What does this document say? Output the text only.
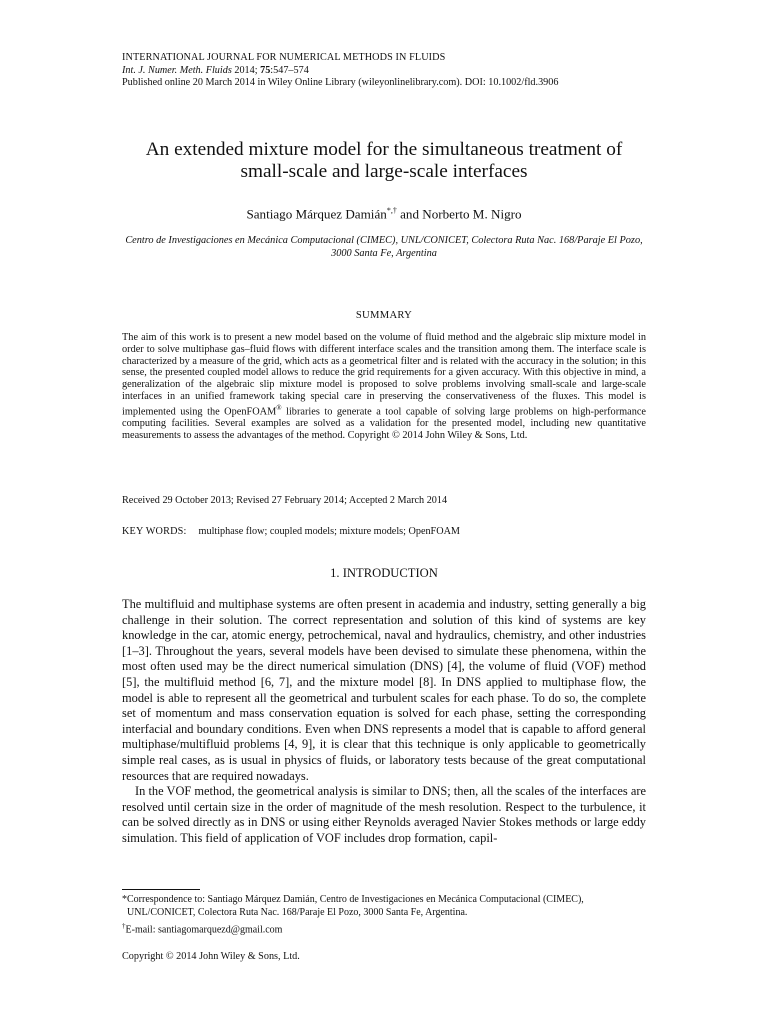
INTERNATIONAL JOURNAL FOR NUMERICAL METHODS IN FLUIDS
Int. J. Numer. Meth. Fluids 2014; 75:547–574
Published online 20 March 2014 in Wiley Online Library (wileyonlinelibrary.com). DOI: 10.1002/fld.3906
An extended mixture model for the simultaneous treatment of
small-scale and large-scale interfaces
Santiago Márquez Damián*,† and Norberto M. Nigro
Centro de Investigaciones en Mecánica Computacional (CIMEC), UNL/CONICET, Colectora Ruta Nac. 168/Paraje El Pozo, 3000 Santa Fe, Argentina
SUMMARY
The aim of this work is to present a new model based on the volume of fluid method and the algebraic slip mixture model in order to solve multiphase gas–fluid flows with different interface scales and the transition among them. The interface scale is characterized by a measure of the grid, which acts as a geometrical filter and is related with the accuracy in the solution; in this sense, the presented coupled model allows to reduce the grid requirements for a given accuracy. With this objective in mind, a generalization of the algebraic slip mixture model is proposed to solve problems involving small-scale and large-scale interfaces in an unified framework taking special care in preserving the conservativeness of the fluxes. This model is implemented using the OpenFOAM® libraries to generate a tool capable of solving large problems on high-performance computing facilities. Several examples are solved as a validation for the presented model, including new quantitative measurements to assess the advantages of the method. Copyright © 2014 John Wiley & Sons, Ltd.
Received 29 October 2013; Revised 27 February 2014; Accepted 2 March 2014
KEY WORDS: multiphase flow; coupled models; mixture models; OpenFOAM
1. INTRODUCTION

The multifluid and multiphase systems are often present in academia and industry, setting generally a big challenge in their solution. The correct representation and solution of this kind of systems are key knowledge in the car, atomic energy, petrochemical, naval and hydraulics, chemistry, and other industries [1–3]. Throughout the years, several models have been devised to simulate these phenomena, within the most often used may be the direct numerical simulation (DNS) [4], the volume of fluid (VOF) method [5], the multifluid method [6, 7], and the mixture model [8]. In DNS applied to multiphase flow, the model is able to represent all the geometrical and turbulent scales for each phase. To do so, the complete set of momentum and mass conservation equation is solved for each phase, setting the corresponding interfacial and boundary conditions. Even when DNS represents a model that is capable to afford general multiphase/multifluid problems [4, 9], it is clear that this technique is only applicable to geometrically simple real cases, as is usual in physics of fluids, or laboratory tests because of the great computational resources that are required nowadays.

In the VOF method, the geometrical analysis is similar to DNS; then, all the scales of the interfaces are resolved until certain size in the order of magnitude of the mesh resolution. Respect to the turbulence, it can be solved directly as in DNS or using either Reynolds averaged Navier Stokes methods or large eddy simulation. This field of application of VOF includes drop formation, capil-

*Correspondence to: Santiago Márquez Damián, Centro de Investigaciones en Mecánica Computacional (CIMEC), UNL/CONICET, Colectora Ruta Nac. 168/Paraje El Pozo, 3000 Santa Fe, Argentina.

†E-mail: santiagomarquezd@gmail.com

Copyright © 2014 John Wiley & Sons, Ltd.
